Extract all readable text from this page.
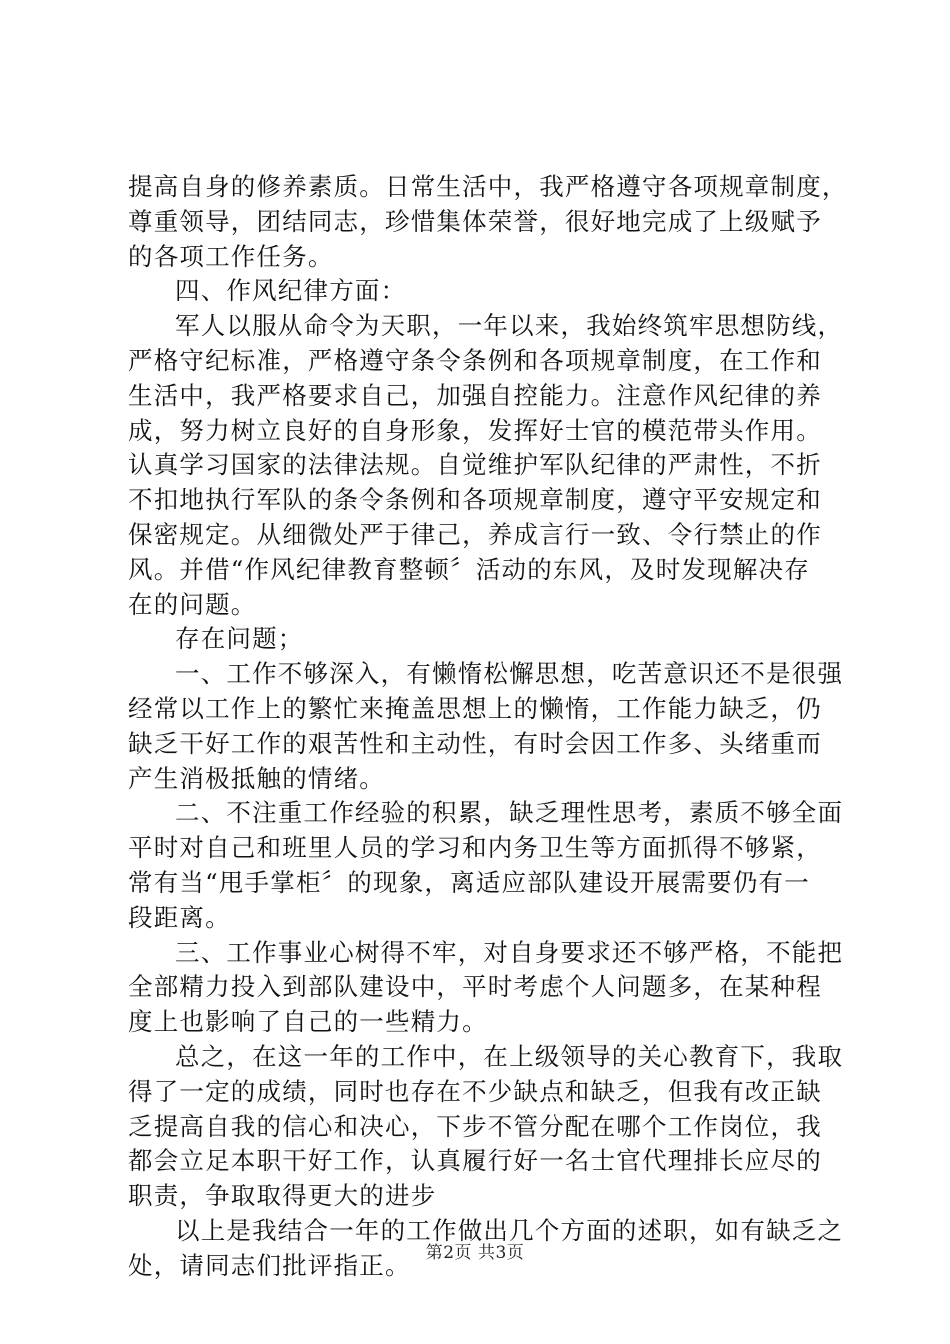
提高自身的修养素质。日常生活中，我严格遵守各项规章制度，
尊重领导，团结同志，珍惜集体荣誉，很好地完成了上级赋予
的各项工作任务。
四、作风纪律方面：
军人以服从命令为天职，一年以来，我始终筑牢思想防线，
严格守纪标准，严格遵守条令条例和各项规章制度，在工作和
生活中，我严格要求自己，加强自控能力。注意作风纪律的养
成，努力树立良好的自身形象，发挥好士官的模范带头作用。
认真学习国家的法律法规。自觉维护军队纪律的严肃性，不折
不扣地执行军队的条令条例和各项规章制度，遵守平安规定和
保密规定。从细微处严于律己，养成言行一致、令行禁止的作
风。并借“作风纪律教育整顿〞活动的东风，及时发现解决存
在的问题。
存在问题；
一、工作不够深入，有懒惰松懈思想，吃苦意识还不是很强
经常以工作上的繁忙来掩盖思想上的懒惰，工作能力缺乏，仍
缺乏干好工作的艰苦性和主动性，有时会因工作多、头绪重而
产生消极抵触的情绪。
二、不注重工作经验的积累，缺乏理性思考，素质不够全面
平时对自己和班里人员的学习和内务卫生等方面抓得不够紧，
常有当“甩手掌柜〞的现象，离适应部队建设开展需要仍有一
段距离。
三、工作事业心树得不牢，对自身要求还不够严格，不能把
全部精力投入到部队建设中，平时考虑个人问题多，在某种程
度上也影响了自己的一些精力。
总之，在这一年的工作中，在上级领导的关心教育下，我取
得了一定的成绩，同时也存在不少缺点和缺乏，但我有改正缺
乏提高自我的信心和决心，下步不管分配在哪个工作岗位，我
都会立足本职干好工作，认真履行好一名士官代理排长应尽的
职责，争取取得更大的进步
以上是我结合一年的工作做出几个方面的述职，如有缺乏之
处，请同志们批评指正。 第2页 共3页
